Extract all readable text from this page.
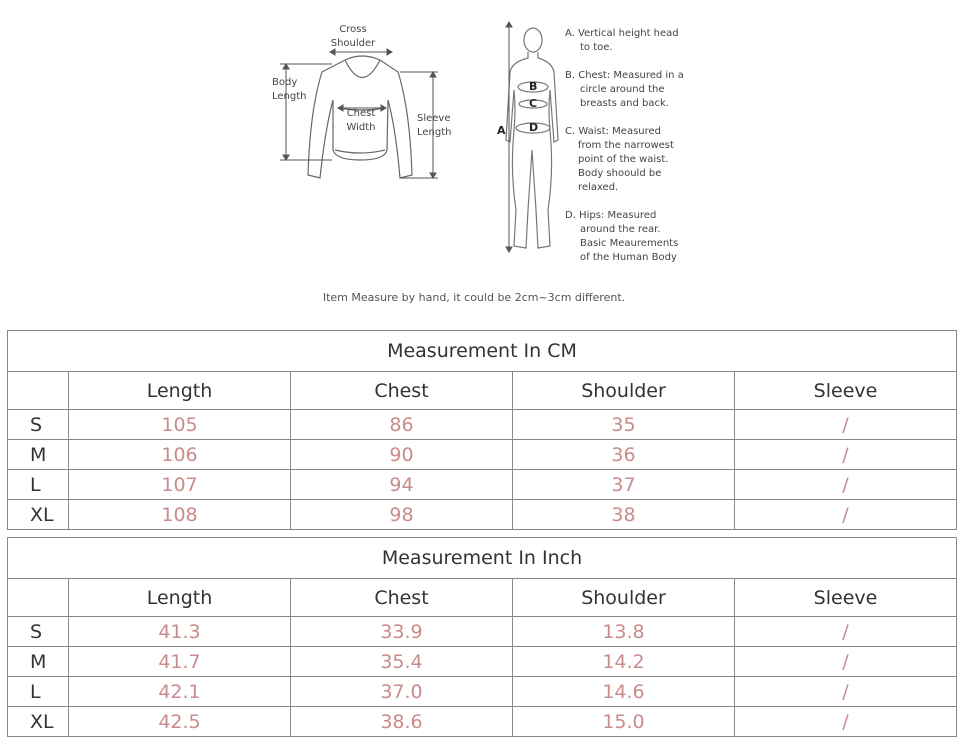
Cross
Shoulder
Body
Length
Chest
Width
Sleeve
Length	A
B
C
D
A. Vertical height head
to toe.
B. Chest: Measured in a
circle around the
breasts and back.
C. Waist: Measured
from the narrowest
point of the waist.
Body shoould be
relaxed.
D. Hips: Measured
around the rear.
Basic Meaurements
of the Human Body
Item Measure by hand, it could be 2cm~3cm different.
Measurement In CM				
	Length	Chest	Shoulder	Sleeve
S	105	86	35	/
M	106	90	36	/
L	107	94	37	/
XL	108	98	38	/
Measurement In Inch				
	Length	Chest	Shoulder	Sleeve
S	41.3	33.9	13.8	/
M	41.7	35.4	14.2	/
L	42.1	37.0	14.6	/
XL	42.5	38.6	15.0	/
